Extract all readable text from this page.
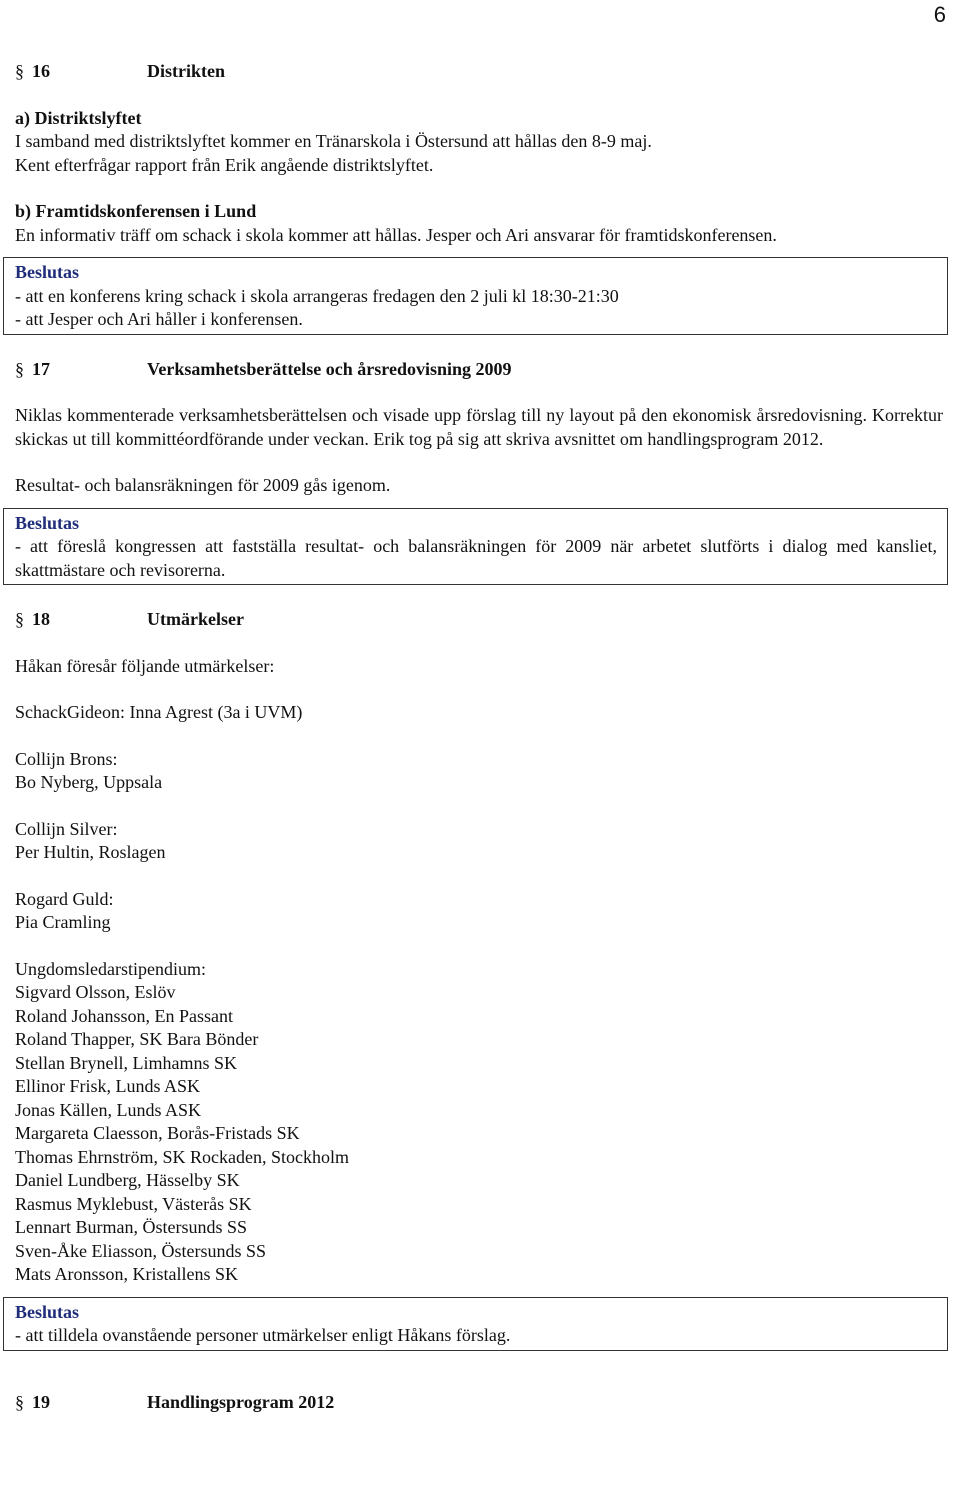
6
§ 16	Distrikten

a) Distriktslyftet

I samband med distriktslyftet kommer en Tränarskola i Östersund att hållas den 8-9 maj.

Kent efterfrågar rapport från Erik angående distriktslyftet.

b) Framtidskonferensen i Lund

En informativ träff om schack i skola kommer att hållas. Jesper och Ari ansvarar för framtidskonferensen.

Beslutas

- att en konferens kring schack i skola arrangeras fredagen den 2 juli kl 18:30-21:30

- att Jesper och Ari håller i konferensen.

§ 17	Verksamhetsberättelse och årsredovisning 2009

Niklas kommenterade verksamhetsberättelsen och visade upp förslag till ny layout på den ekonomisk årsredovisning. Korrektur skickas ut till kommittéordförande under veckan. Erik tog på sig att skriva avsnittet om handlingsprogram 2012.

Resultat- och balansräkningen för 2009 gås igenom.

Beslutas

- att föreslå kongressen att fastställa resultat- och balansräkningen för 2009 när arbetet slutförts i dialog med kansliet, skattmästare och revisorerna.

§ 18	Utmärkelser

Håkan föresår följande utmärkelser:

SchackGideon: Inna Agrest (3a i UVM)

Collijn Brons:

Bo Nyberg, Uppsala

Collijn Silver:

Per Hultin, Roslagen

Rogard Guld:

Pia Cramling

Ungdomsledarstipendium:

Sigvard Olsson, Eslöv

Roland Johansson, En Passant

Roland Thapper, SK Bara Bönder

Stellan Brynell, Limhamns SK

Ellinor Frisk, Lunds ASK

Jonas Källen, Lunds ASK

Margareta Claesson, Borås-Fristads SK

Thomas Ehrnström, SK Rockaden, Stockholm

Daniel Lundberg, Hässelby SK

Rasmus Myklebust, Västerås SK

Lennart Burman, Östersunds SS

Sven-Åke Eliasson, Östersunds SS

Mats Aronsson, Kristallens SK

Beslutas

- att tilldela ovanstående personer utmärkelser enligt Håkans förslag.

§ 19	Handlingsprogram 2012
